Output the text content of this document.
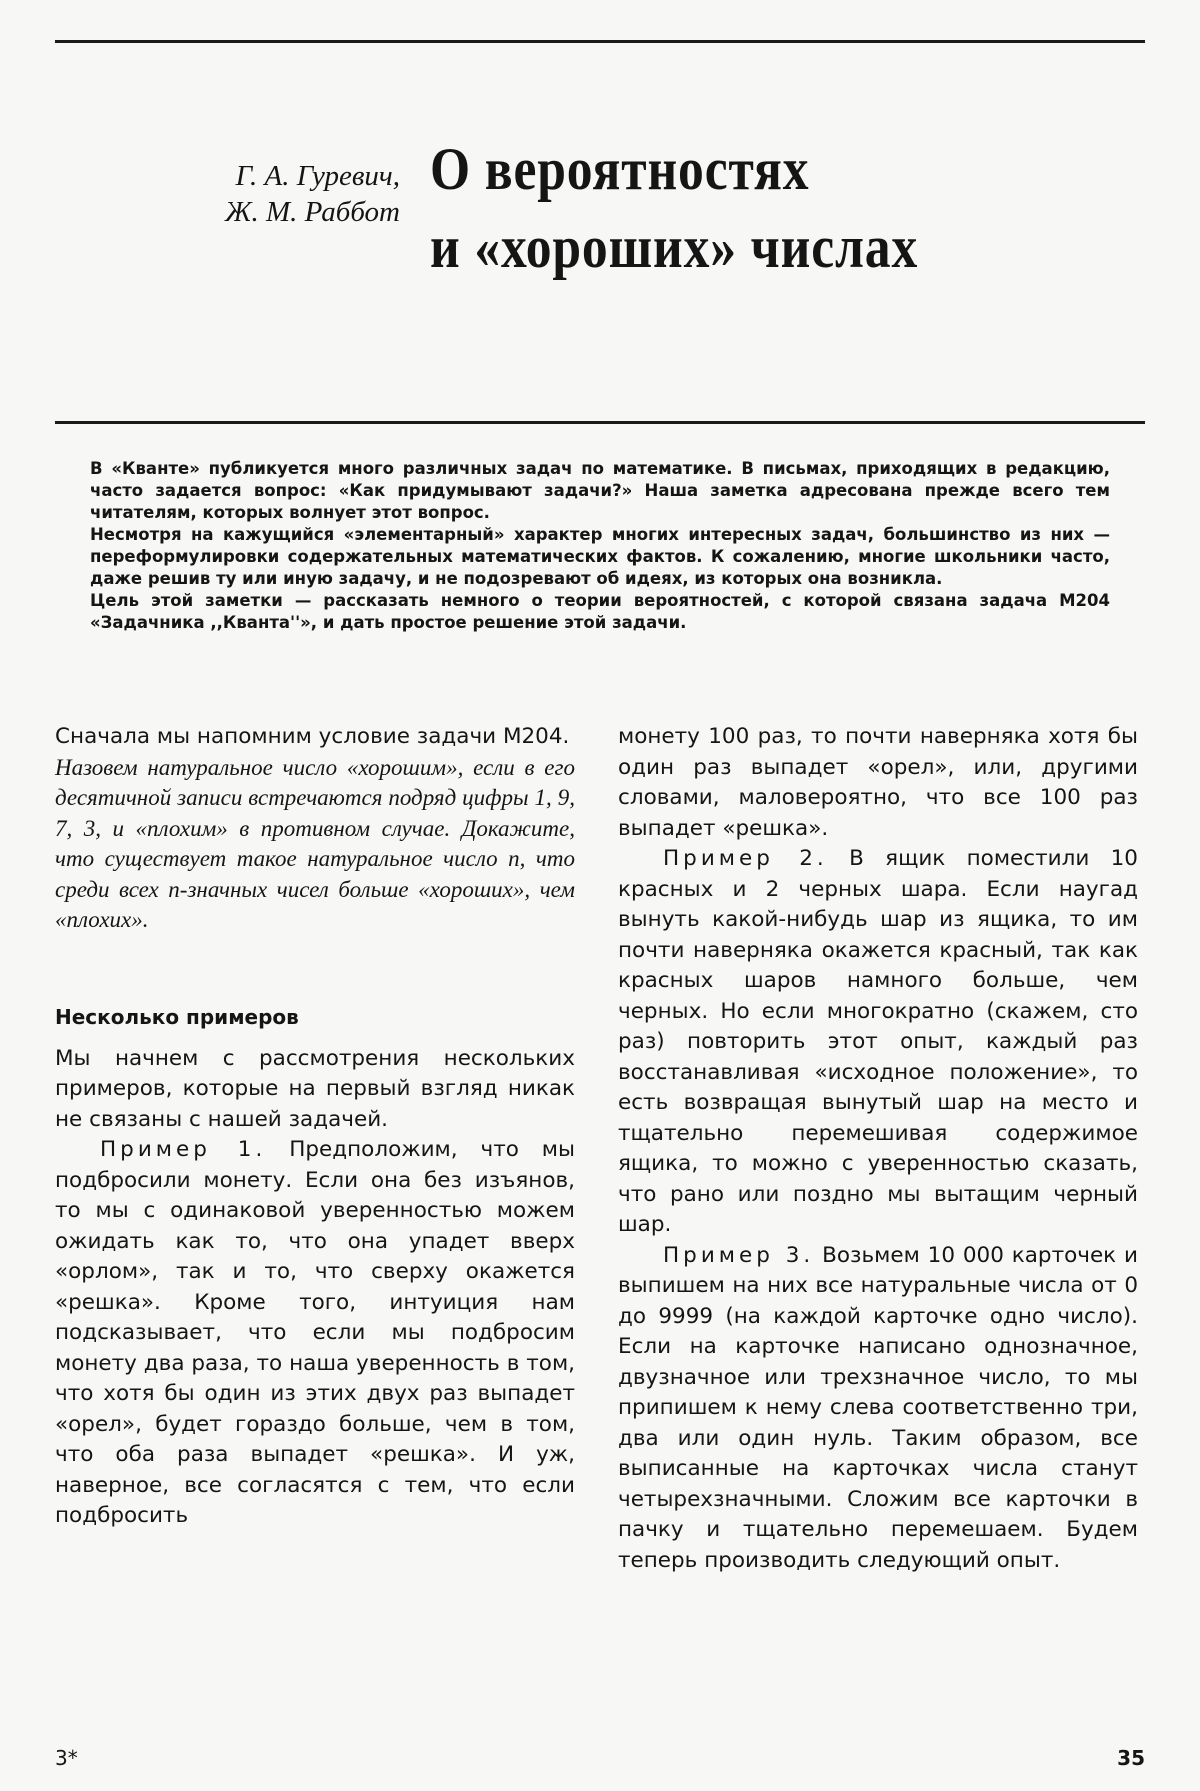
Г. А. Гуревич,
Ж. М. Раббот
О вероятностях
и «хороших» числах

В «Кванте» публикуется много различных задач по математике. В письмах, приходящих в редакцию, часто задается вопрос: «Как придумывают задачи?» Наша заметка адресована прежде всего тем читателям, которых волнует этот вопрос.

Несмотря на кажущийся «элементарный» характер многих интересных задач, большинство из них — переформулировки содержательных математических фактов. К сожалению, многие школьники часто, даже решив ту или иную задачу, и не подозревают об идеях, из которых она возникла.

Цель этой заметки — рассказать немного о теории вероятностей, с которой связана задача М204 «Задачника ,,Кванта''», и дать простое решение этой задачи.

Сначала мы напомним условие задачи М204.

Назовем натуральное число «хорошим», если в его десятичной записи встречаются подряд цифры 1, 9, 7, 3, и «плохим» в противном случае. Докажите, что существует такое натуральное число n, что среди всех n-значных чисел больше «хороших», чем «плохих».

Несколько примеров

Мы начнем с рассмотрения нескольких примеров, которые на первый взгляд никак не связаны с нашей задачей.

Пример 1. Предположим, что мы подбросили монету. Если она без изъянов, то мы с одинаковой уверенностью можем ожидать как то, что она упадет вверх «орлом», так и то, что сверху окажется «решка». Кроме того, интуиция нам подсказывает, что если мы подбросим монету два раза, то наша уверенность в том, что хотя бы один из этих двух раз выпадет «орел», будет гораздо больше, чем в том, что оба раза выпадет «решка». И уж, наверное, все согласятся с тем, что если подбросить

монету 100 раз, то почти наверняка хотя бы один раз выпадет «орел», или, другими словами, маловероятно, что все 100 раз выпадет «решка».

Пример 2. В ящик поместили 10 красных и 2 черных шара. Если наугад вынуть какой-нибудь шар из ящика, то им почти наверняка окажется красный, так как красных шаров намного больше, чем черных. Но если многократно (скажем, сто раз) повторить этот опыт, каждый раз восстанавливая «исходное положение», то есть возвращая вынутый шар на место и тщательно перемешивая содержимое ящика, то можно с уверенностью сказать, что рано или поздно мы вытащим черный шар.

Пример 3. Возьмем 10 000 карточек и выпишем на них все натуральные числа от 0 до 9999 (на каждой карточке одно число). Если на карточке написано однозначное, двузначное или трехзначное число, то мы припишем к нему слева соответственно три, два или один нуль. Таким образом, все выписанные на карточках числа станут четырехзначными. Сложим все карточки в пачку и тщательно перемешаем. Будем теперь производить следующий опыт.

3*	35
